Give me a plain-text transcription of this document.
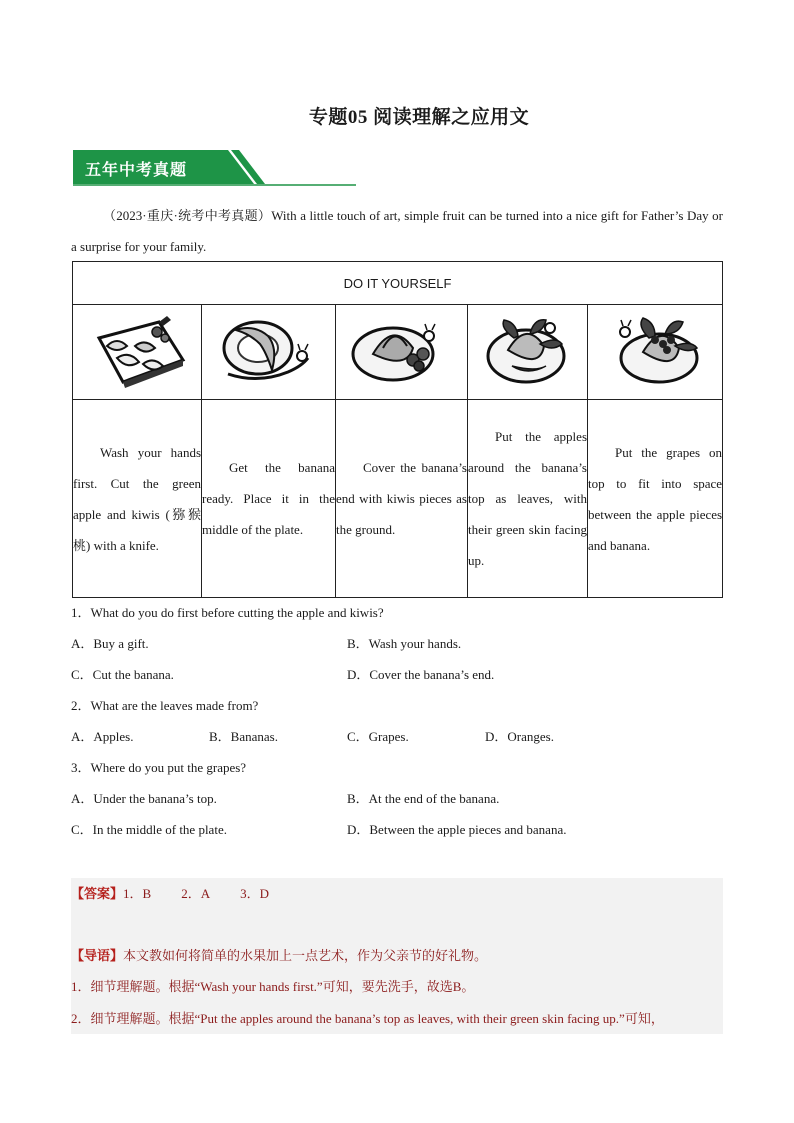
专题05 阅读理解之应用文
五年中考真题
（2023·重庆·统考中考真题）With a little touch of art, simple fruit can be turned into a nice gift for Father’s Day or a surprise for your family.
DO IT YOURSELF				

Wash your hands first. Cut the green apple and kiwis (猕猴桃) with a knife.	Get the banana ready. Place it in the middle of the plate.	Cover the banana’s end with kiwis pieces as the ground.	Put the apples around the banana’s top as leaves, with their green skin facing up.	Put the grapes on top to fit into space between the apple pieces and banana.
1．What do you do first before cutting the apple and kiwis?
A．Buy a gift.	B．Wash your hands.
C．Cut the banana.	D．Cover the banana’s end.
2．What are the leaves made from?
A．Apples.	B．Bananas.	C．Grapes.	D．Oranges.
3．Where do you put the grapes?
A．Under the banana’s top.	B．At the end of the banana.
C．In the middle of the plate.	D．Between the apple pieces and banana.
【答案】1．B 2．A 3．D
【导语】本文教如何将简单的水果加上一点艺术，作为父亲节的好礼物。
1．细节理解题。根据“Wash your hands first.”可知，要先洗手，故选B。
2．细节理解题。根据“Put the apples around the banana’s top as leaves, with their green skin facing up.”可知，
